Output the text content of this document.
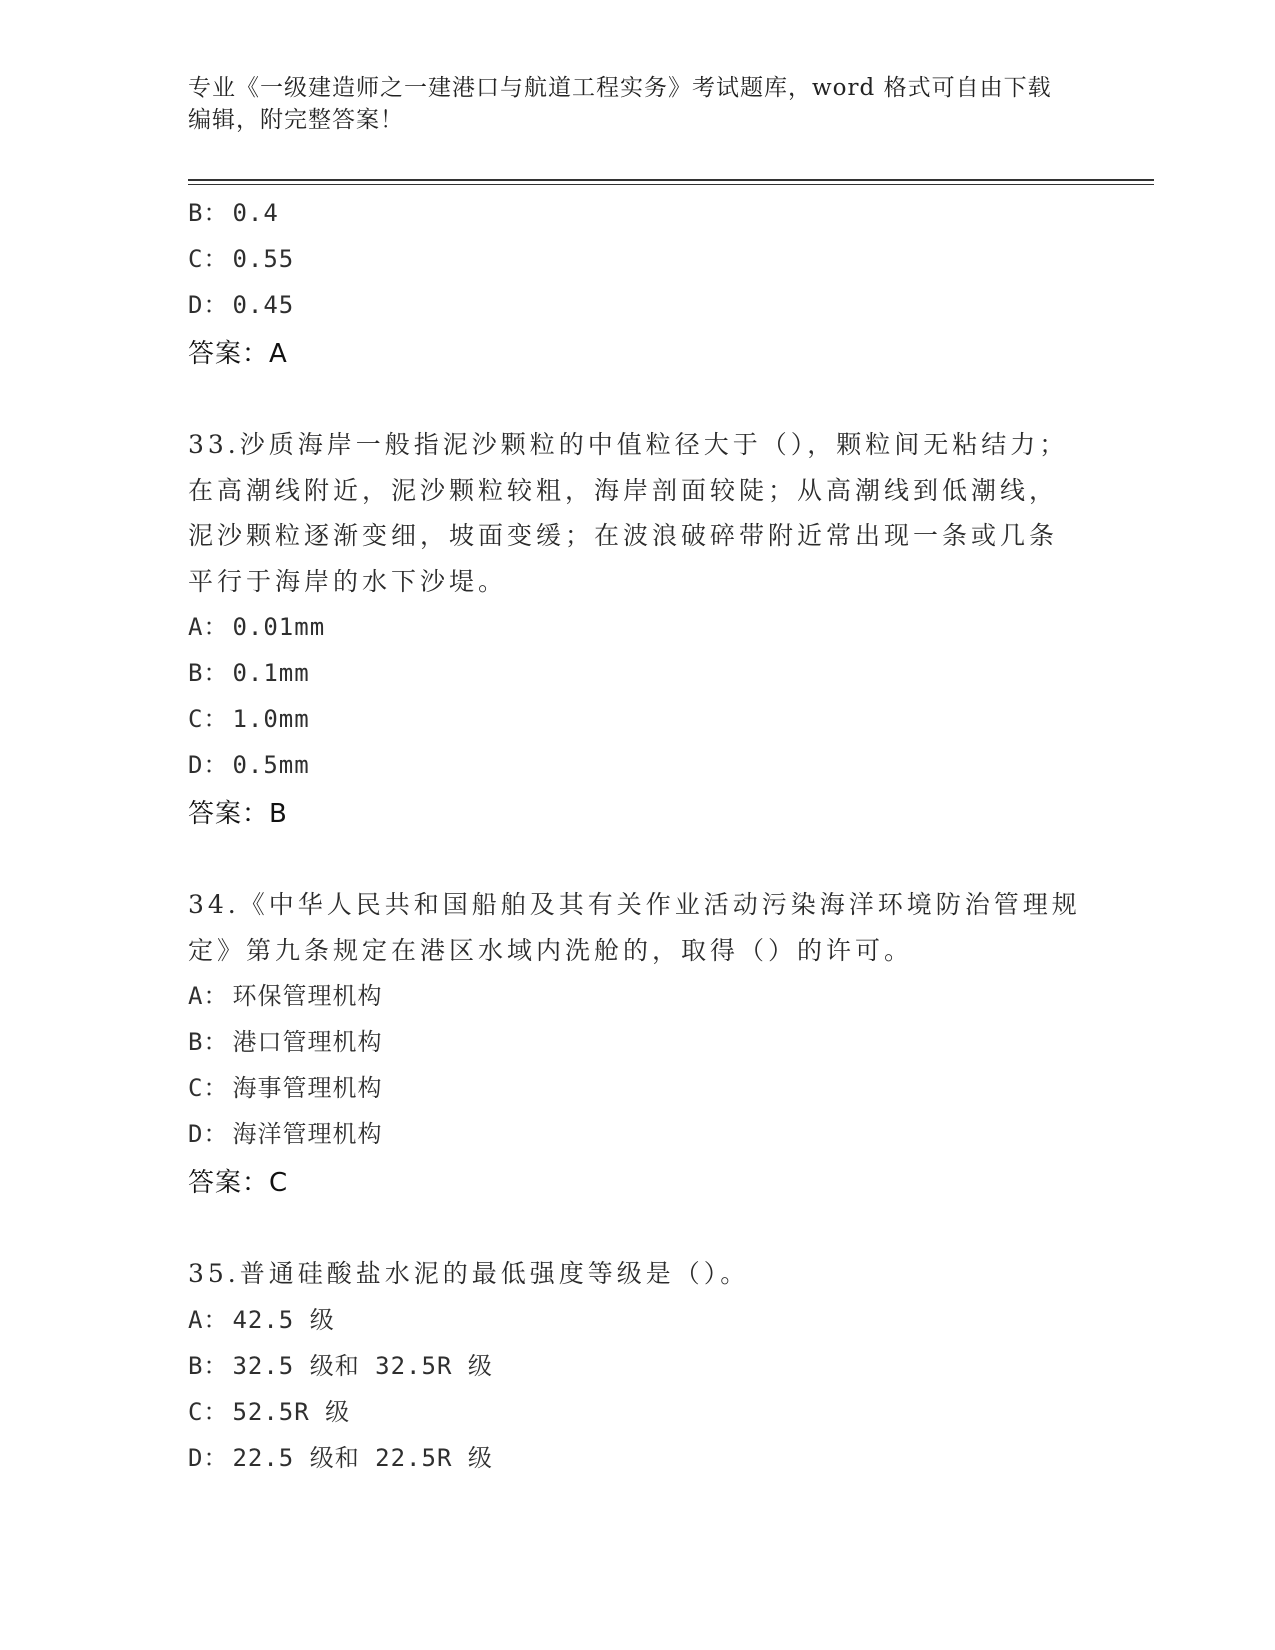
专业《一级建造师之一建港口与航道工程实务》考试题库，word 格式可自由下载
编辑，附完整答案！
B： 0.4
C： 0.55
D： 0.45
答案：A
33.沙质海岸一般指泥沙颗粒的中值粒径大于（），颗粒间无粘结力；
在高潮线附近，泥沙颗粒较粗，海岸剖面较陡；从高潮线到低潮线，
泥沙颗粒逐渐变细，坡面变缓；在波浪破碎带附近常出现一条或几条
平行于海岸的水下沙堤。
A： 0.01mm
B： 0.1mm
C： 1.0mm
D： 0.5mm
答案：B
34.《中华人民共和国船舶及其有关作业活动污染海洋环境防治管理规
定》第九条规定在港区水域内洗舱的，取得（）的许可。
A： 环保管理机构
B： 港口管理机构
C： 海事管理机构
D： 海洋管理机构
答案：C
35.普通硅酸盐水泥的最低强度等级是（）。
A： 42.5 级
B： 32.5 级和 32.5R 级
C： 52.5R 级
D： 22.5 级和 22.5R 级
